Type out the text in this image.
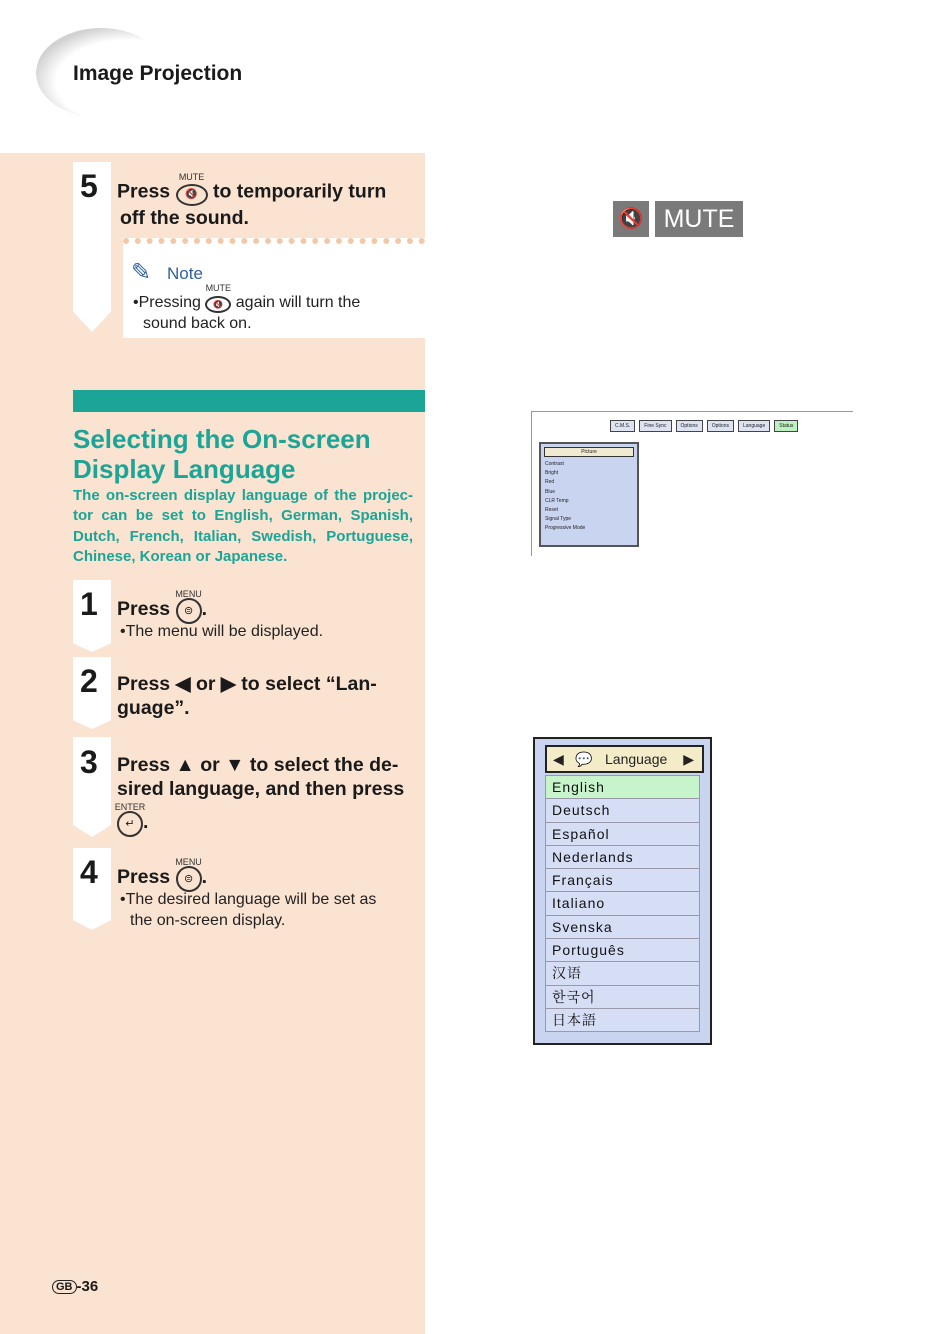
Image Projection
5 Press
MUTE
🔇 to temporarily turn
off the sound.
✎ Note
•Pressing
MUTE
🔇 again will turn the
sound back on.
Selecting the On-screen
Display Language
The on-screen display language of the projec- tor can be set to English, German, Spanish, Dutch, French, Italian, Swedish, Portuguese, Chinese, Korean or Japanese.
1 Press
MENU
⊜ .
•The menu will be displayed.
2 Press ◀ or ▶ to select “Lan-
guage”.
3 Press ▲ or ▼ to select the de-
sired language, and then press
ENTER
↵ .
4 Press
MENU
⊜ .
•The desired language will be set as
the on-screen display.
GB -36
🔇 MUTE
C.M.S.	Fine Sync	Options	Options	Language	Status
Picture
Contrast
Bright
Red
Blue
CLR Temp
Reset
Signal Type
Progressive Mode
◀ 💬 Language ▶
English
Deutsch
Español
Nederlands
Français
Italiano
Svenska
Português
汉语
한국어
日本語
